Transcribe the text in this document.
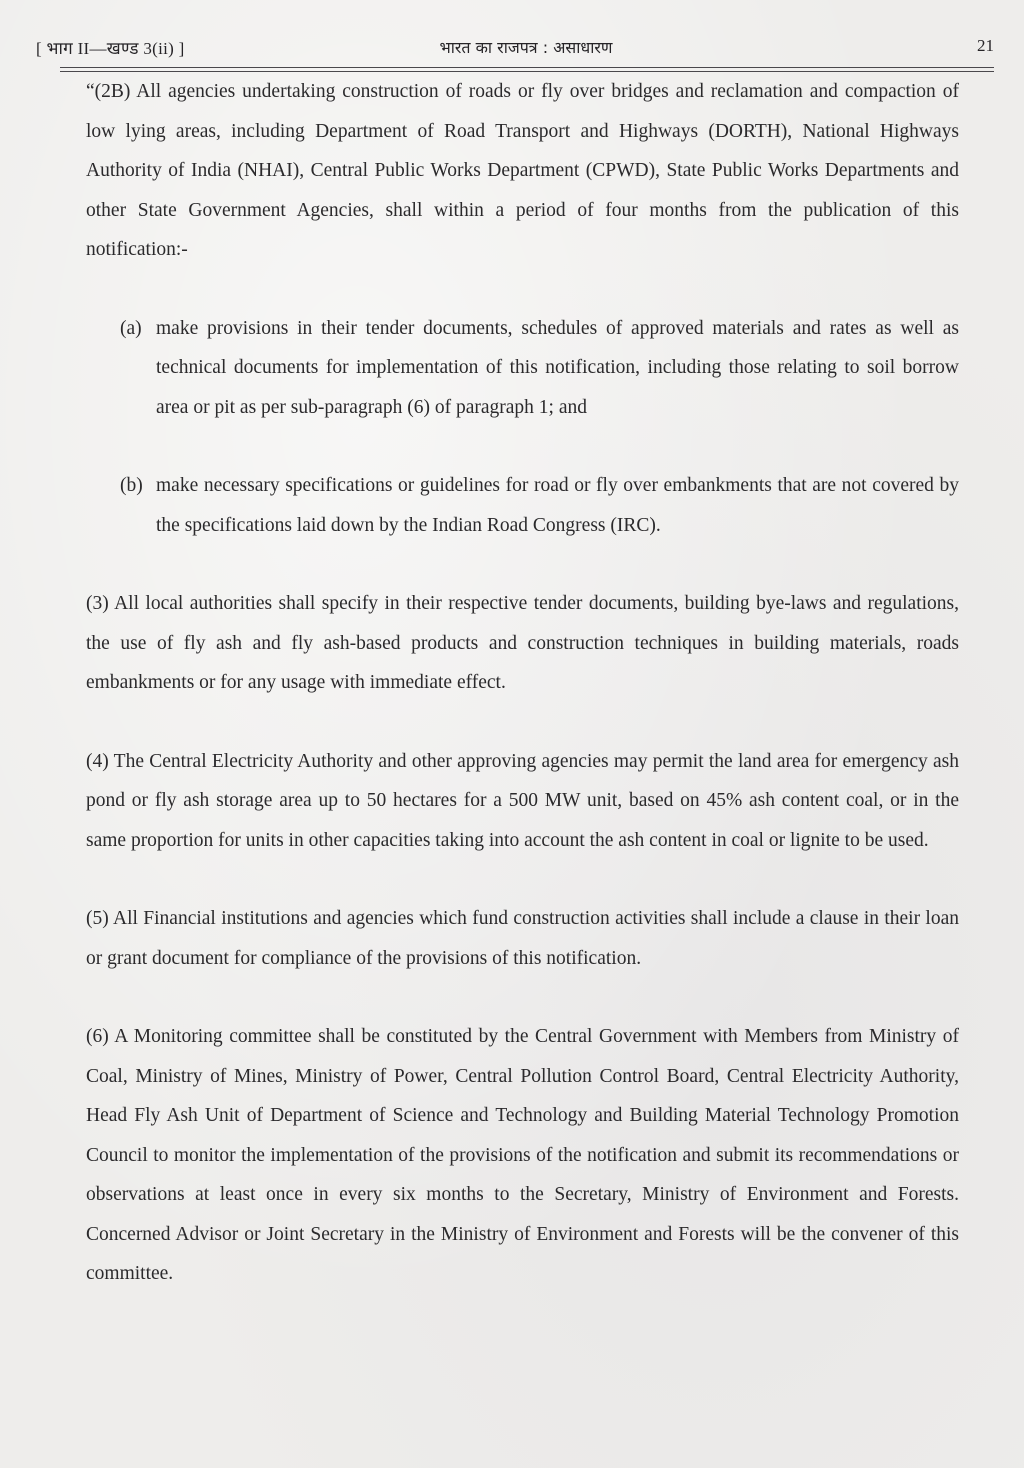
[ भाग II—खण्ड 3(ii) ]	भारत का राजपत्र : असाधारण	21

“(2B) All agencies undertaking construction of roads or fly over bridges and reclamation and compaction of low lying areas, including Department of Road Transport and Highways (DORTH), National Highways Authority of India (NHAI), Central Public Works Department (CPWD), State Public Works Departments and other State Government Agencies, shall within a period of four months from the publication of this notification:-

(a) make provisions in their tender documents, schedules of approved materials and rates as well as technical documents for implementation of this notification, including those relating to soil borrow area or pit as per sub-paragraph (6) of paragraph 1; and

(b) make necessary specifications or guidelines for road or fly over embankments that are not covered by the specifications laid down by the Indian Road Congress (IRC).

(3) All local authorities shall specify in their respective tender documents, building bye-laws and regulations, the use of fly ash and fly ash-based products and construction techniques in building materials, roads embankments or for any usage with immediate effect.

(4) The Central Electricity Authority and other approving agencies may permit the land area for emergency ash pond or fly ash storage area up to 50 hectares for a 500 MW unit, based on 45% ash content coal, or in the same proportion for units in other capacities taking into account the ash content in coal or lignite to be used.

(5) All Financial institutions and agencies which fund construction activities shall include a clause in their loan or grant document for compliance of the provisions of this notification.

(6) A Monitoring committee shall be constituted by the Central Government with Members from Ministry of Coal, Ministry of Mines, Ministry of Power, Central Pollution Control Board, Central Electricity Authority, Head Fly Ash Unit of Department of Science and Technology and Building Material Technology Promotion Council to monitor the implementation of the provisions of the notification and submit its recommendations or observations at least once in every six months to the Secretary, Ministry of Environment and Forests. Concerned Advisor or Joint Secretary in the Ministry of Environment and Forests will be the convener of this committee.
